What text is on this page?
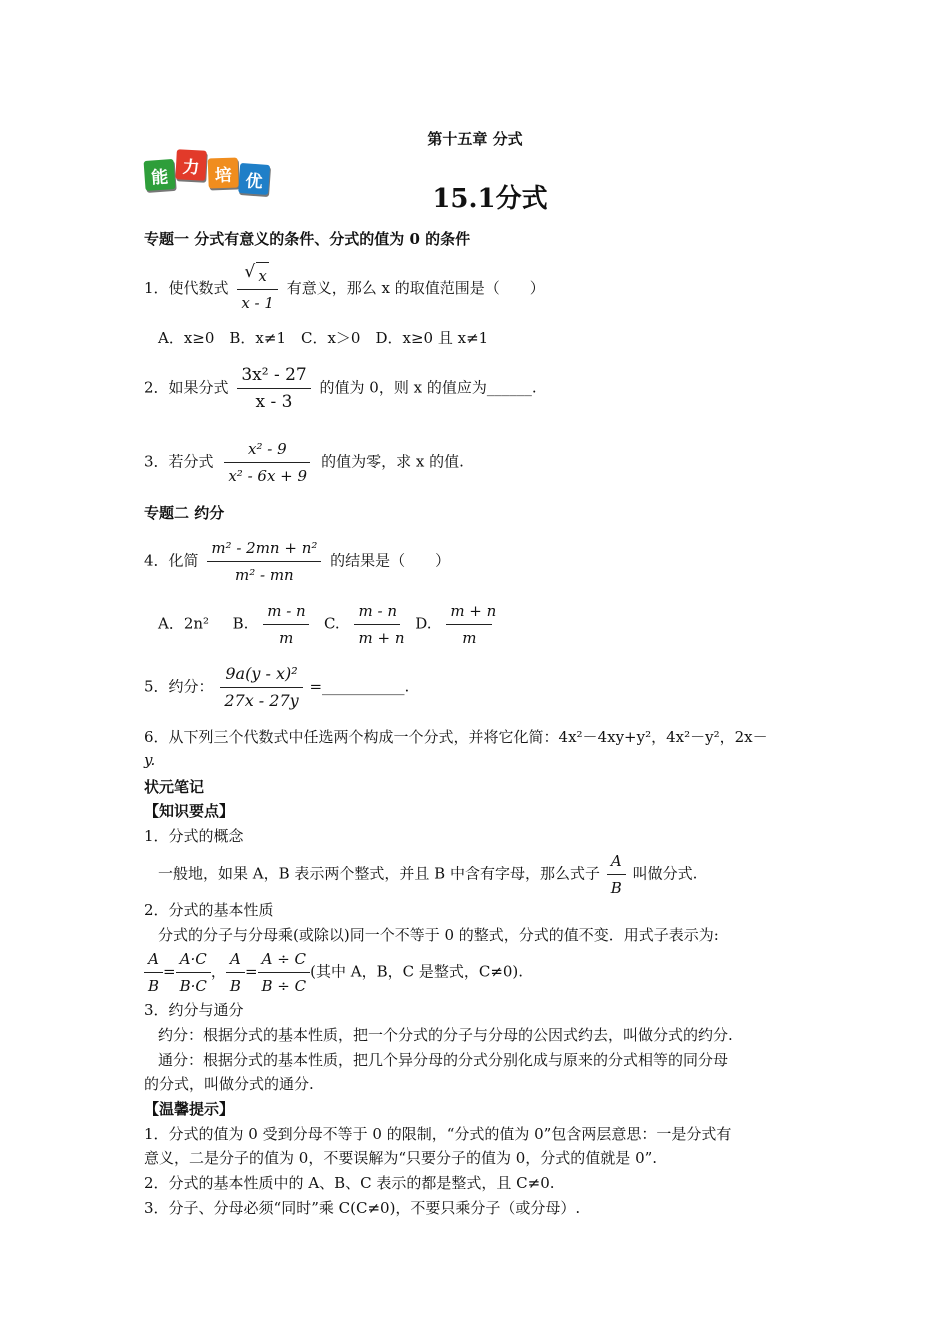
第十五章 分式
能 力 培 优
15.1分式
专题一 分式有意义的条件、分式的值为 0 的条件
1．使代数式
√ $\frac{x}{x - 1}$ 有意义，那么 x 的取值范围是（　　）
A．x≥0　B．x≠1　C．x＞0　D．x≥0 且 x≠1
2．如果分式 $\frac{\text{3x² - 27}}{x - 3}$ 的值为 0，则 x 的值应为______.
3．若分式 $\frac{\text{x² - 9}}{\text{x² - 6x + 9}}$ 的值为零，求 x 的值.
专题二 约分
4．化简 $\frac{\text{m² - 2mn + n²}}{\text{m² - mn}}$ 的结果是（　　）
A．2n² B. $\frac{m - n}{m} C$. $\frac{m - n}{m + n} D$. $\frac{m + n}{m}$
5．约分： $\frac{\text{9a(y - x)²}}{27x - 27y}$ =___________.
6．从下列三个代数式中任选两个构成一个分式，并将它化简：4x²－4xy+y²，4x²－y²，2x－
y.
状元笔记
【知识要点】
1．分式的概念
一般地，如果 A，B 表示两个整式，并且 B 中含有字母，那么式子 $\frac{A}{B}$ 叫做分式.
2．分式的基本性质
分式的分子与分母乘(或除以)同一个不等于 0 的整式，分式的值不变．用式子表示为:
$\frac{A}{B} = \frac{A\cdot C}{B\cdot C}$ ， $\frac{A}{B} = \frac{A \div C}{B \div C}$ (其中 A，B，C 是整式，C≠0).
3．约分与通分
约分：根据分式的基本性质，把一个分式的分子与分母的公因式约去，叫做分式的约分.
通分：根据分式的基本性质，把几个异分母的分式分别化成与原来的分式相等的同分母
的分式，叫做分式的通分.
【温馨提示】
1．分式的值为 0 受到分母不等于 0 的限制，“分式的值为 0”包含两层意思：一是分式有
意义，二是分子的值为 0，不要误解为“只要分子的值为 0，分式的值就是 0”.
2．分式的基本性质中的 A、B、C 表示的都是整式，且 C≠0.
3．分子、分母必须“同时”乘 C(C≠0)，不要只乘分子（或分母）.
